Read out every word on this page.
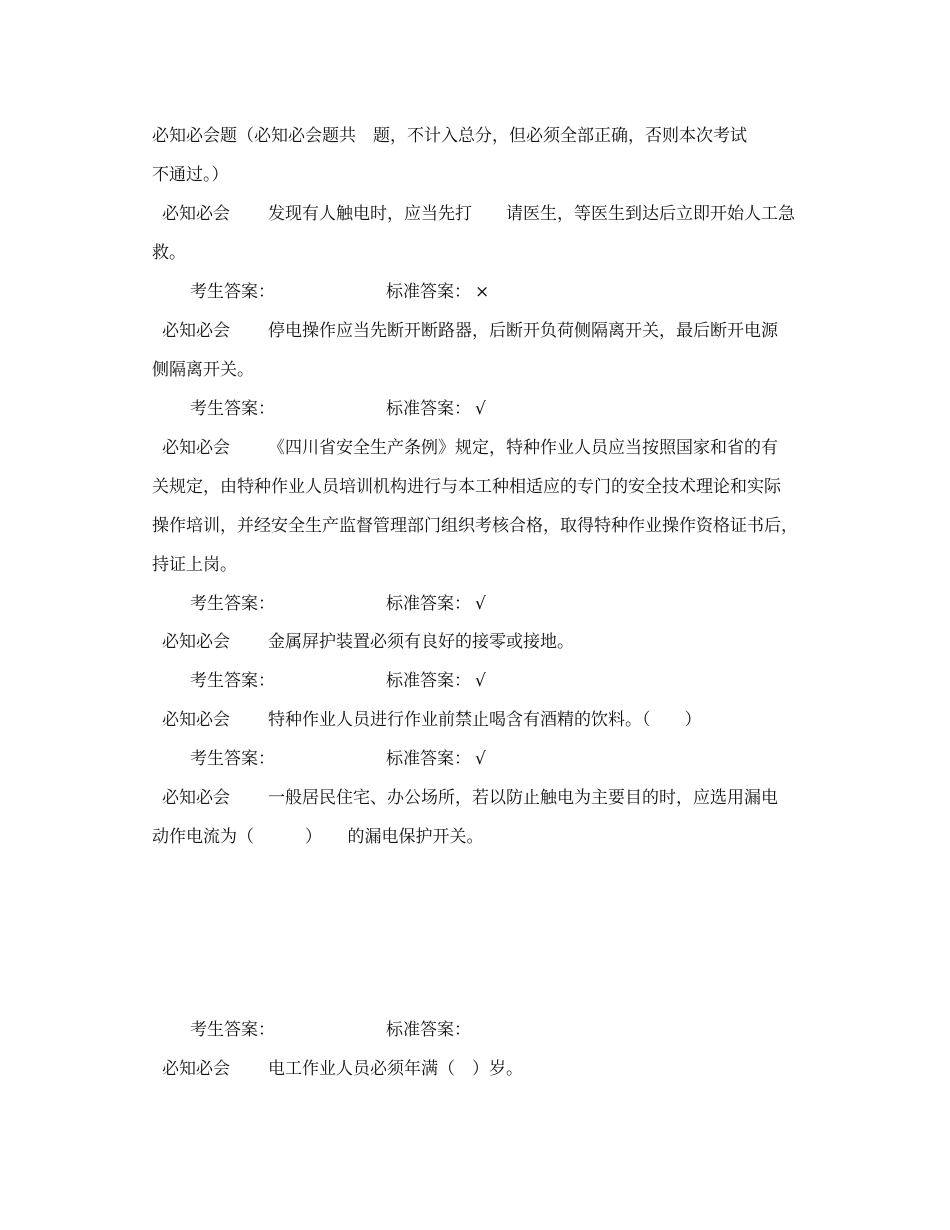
必知必会题（必知必会题共　题，不计入总分，但必须全部正确，否则本次考试
不通过。）
必知必会 发现有人触电时，应当先打　　请医生，等医生到达后立即开始人工急
救。
考生答案：	标准答案： ×
必知必会 停电操作应当先断开断路器，后断开负荷侧隔离开关，最后断开电源
侧隔离开关。
考生答案：	标准答案： √
必知必会 《四川省安全生产条例》规定，特种作业人员应当按照国家和省的有
关规定，由特种作业人员培训机构进行与本工种相适应的专门的安全技术理论和实际
操作培训，并经安全生产监督管理部门组织考核合格，取得特种作业操作资格证书后，
持证上岗。
考生答案：	标准答案： √
必知必会 金属屏护装置必须有良好的接零或接地。
考生答案：	标准答案： √
必知必会 特种作业人员进行作业前禁止喝含有酒精的饮料。（　　）
考生答案：	标准答案： √
必知必会 一般居民住宅、办公场所，若以防止触电为主要目的时，应选用漏电
动作电流为（　　　）　　的漏电保护开关。
考生答案：	标准答案：
必知必会 电工作业人员必须年满（　）岁。
